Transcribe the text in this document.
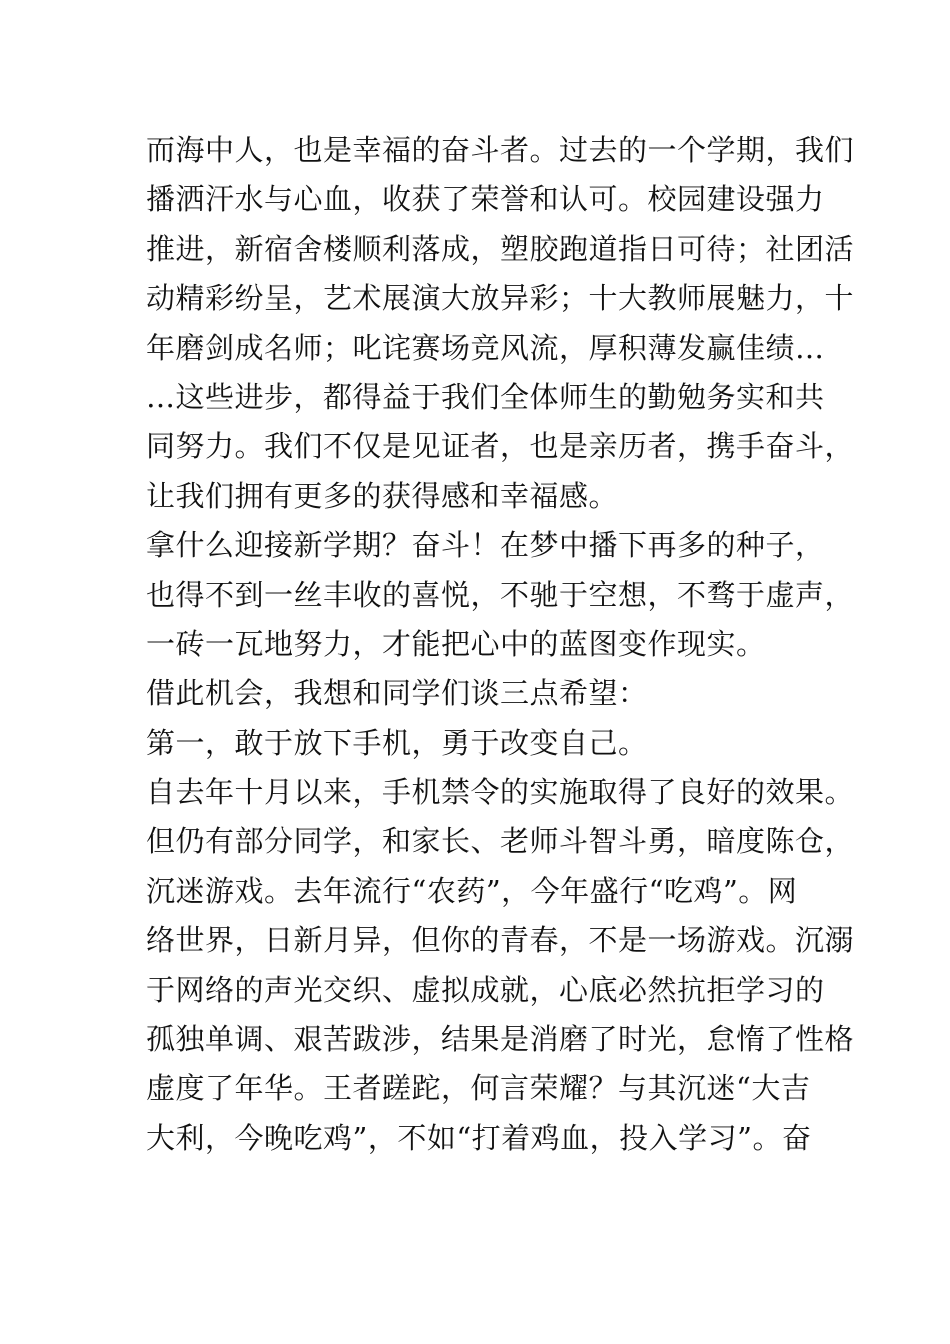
而海中人，也是幸福的奋斗者。过去的一个学期，我们
播洒汗水与心血，收获了荣誉和认可。校园建设强力
推进，新宿舍楼顺利落成，塑胶跑道指日可待；社团活
动精彩纷呈，艺术展演大放异彩；十大教师展魅力，十
年磨剑成名师；叱诧赛场竞风流，厚积薄发赢佳绩…
…这些进步，都得益于我们全体师生的勤勉务实和共
同努力。我们不仅是见证者，也是亲历者，携手奋斗，
让我们拥有更多的获得感和幸福感。
拿什么迎接新学期？奋斗！在梦中播下再多的种子，
也得不到一丝丰收的喜悦，不驰于空想，不骛于虚声，
一砖一瓦地努力，才能把心中的蓝图变作现实。
借此机会，我想和同学们谈三点希望：
第一，敢于放下手机，勇于改变自己。
自去年十月以来，手机禁令的实施取得了良好的效果。
但仍有部分同学，和家长、老师斗智斗勇，暗度陈仓，
沉迷游戏。去年流行“农药”，今年盛行“吃鸡”。网
络世界，日新月异，但你的青春，不是一场游戏。沉溺
于网络的声光交织、虚拟成就，心底必然抗拒学习的
孤独单调、艰苦跋涉，结果是消磨了时光，怠惰了性格
虚度了年华。王者蹉跎，何言荣耀？与其沉迷“大吉
大利，今晚吃鸡”，不如“打着鸡血，投入学习”。奋
